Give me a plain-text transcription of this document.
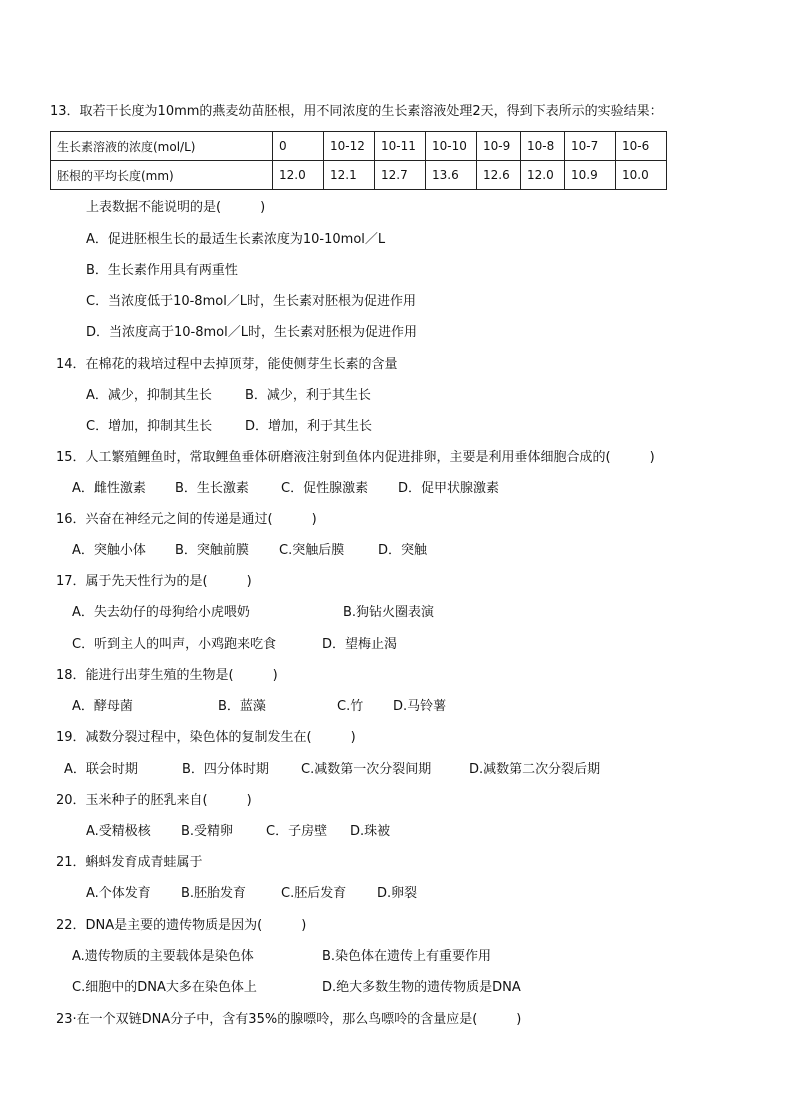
13．取若干长度为10mm的燕麦幼苗胚根，用不同浓度的生长素溶液处理2天，得到下表所示的实验结果：
生长素溶液的浓度(mol/L)	0	10-12	10-11	10-10	10-9	10-8	10-7	10-6
胚根的平均长度(mm)	12.0	12.1	12.7	13.6	12.6	12.0	10.9	10.0
上表数据不能说明的是(　　　)
A．促进胚根生长的最适生长素浓度为10-10mol／L
B．生长素作用具有两重性
C．当浓度低于10-8mol／L时，生长素对胚根为促进作用
D．当浓度高于10-8mol／L时，生长素对胚根为促进作用
14．在棉花的栽培过程中去掉顶芽，能使侧芽生长素的含量
A．减少，抑制其生长	B．减少，利于其生长
C．增加，抑制其生长	D．增加，利于其生长
15．人工繁殖鲤鱼时，常取鲤鱼垂体研磨液注射到鱼体内促进排卵，主要是利用垂体细胞合成的(　　　)
A．雌性激素 B．生长激素 C．促性腺激素 D．促甲状腺激素
16．兴奋在神经元之间的传递是通过(　　　)
A．突触小体 B．突触前膜 C.突触后膜	D．突触
17．属于先天性行为的是(　　　)
A．失去幼仔的母狗给小虎喂奶	B.狗钻火圈表演
C．听到主人的叫声，小鸡跑来吃食	D．望梅止渴
18．能进行出芽生殖的生物是(　　　)
A．酵母菌	B．蓝藻	C.竹 D.马铃薯
19．减数分裂过程中，染色体的复制发生在(　　　)
A．联会时期	B．四分体时期 C.减数第一次分裂间期	D.减数第二次分裂后期
20．玉米种子的胚乳来自(　　　)
A.受精极核 B.受精卵	C．子房壁 D.珠被
21．蝌蚪发育成青蛙属于
A.个体发育 B.胚胎发育	C.胚后发育 D.卵裂
22．DNA是主要的遗传物质是因为(　　　)
A.遗传物质的主要载体是染色体	B.染色体在遗传上有重要作用
C.细胞中的DNA大多在染色体上	D.绝大多数生物的遗传物质是DNA
23·在一个双链DNA分子中，含有35%的腺嘌呤，那么鸟嘌呤的含量应是(　　　)
